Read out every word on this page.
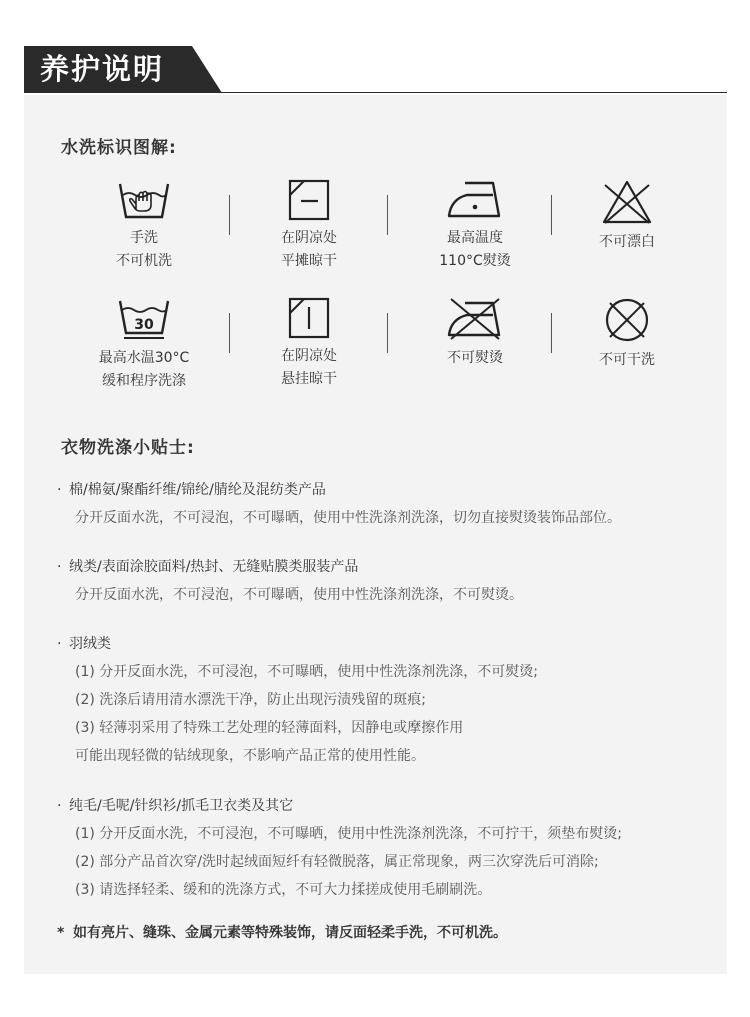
养护说明
水洗标识图解:
手洗
不可机洗
在阴凉处
平摊晾干
最高温度
110°C熨烫
不可漂白
30
最高水温30°C
缓和程序洗涤
在阴凉处
悬挂晾干
不可熨烫	不可干洗
衣物洗涤小贴士:
· 棉/棉氨/聚酯纤维/锦纶/腈纶及混纺类产品
分开反面水洗，不可浸泡，不可曝晒，使用中性洗涤剂洗涤，切勿直接熨烫装饰品部位。
· 绒类/表面涂胶面料/热封、无缝贴膜类服装产品
分开反面水洗，不可浸泡，不可曝晒，使用中性洗涤剂洗涤，不可熨烫。
· 羽绒类
(1) 分开反面水洗，不可浸泡，不可曝晒，使用中性洗涤剂洗涤，不可熨烫;
(2) 洗涤后请用清水漂洗干净，防止出现污渍残留的斑痕;
(3) 轻薄羽采用了特殊工艺处理的轻薄面料，因静电或摩擦作用
可能出现轻微的钻绒现象，不影响产品正常的使用性能。
· 纯毛/毛呢/针织衫/抓毛卫衣类及其它
(1) 分开反面水洗，不可浸泡，不可曝晒，使用中性洗涤剂洗涤，不可拧干，须垫布熨烫;
(2) 部分产品首次穿/洗时起绒面短纤有轻微脱落，属正常现象，两三次穿洗后可消除;
(3) 请选择轻柔、缓和的洗涤方式，不可大力揉搓成使用毛刷刷洗。
* 如有亮片、缝珠、金属元素等特殊装饰，请反面轻柔手洗，不可机洗。
